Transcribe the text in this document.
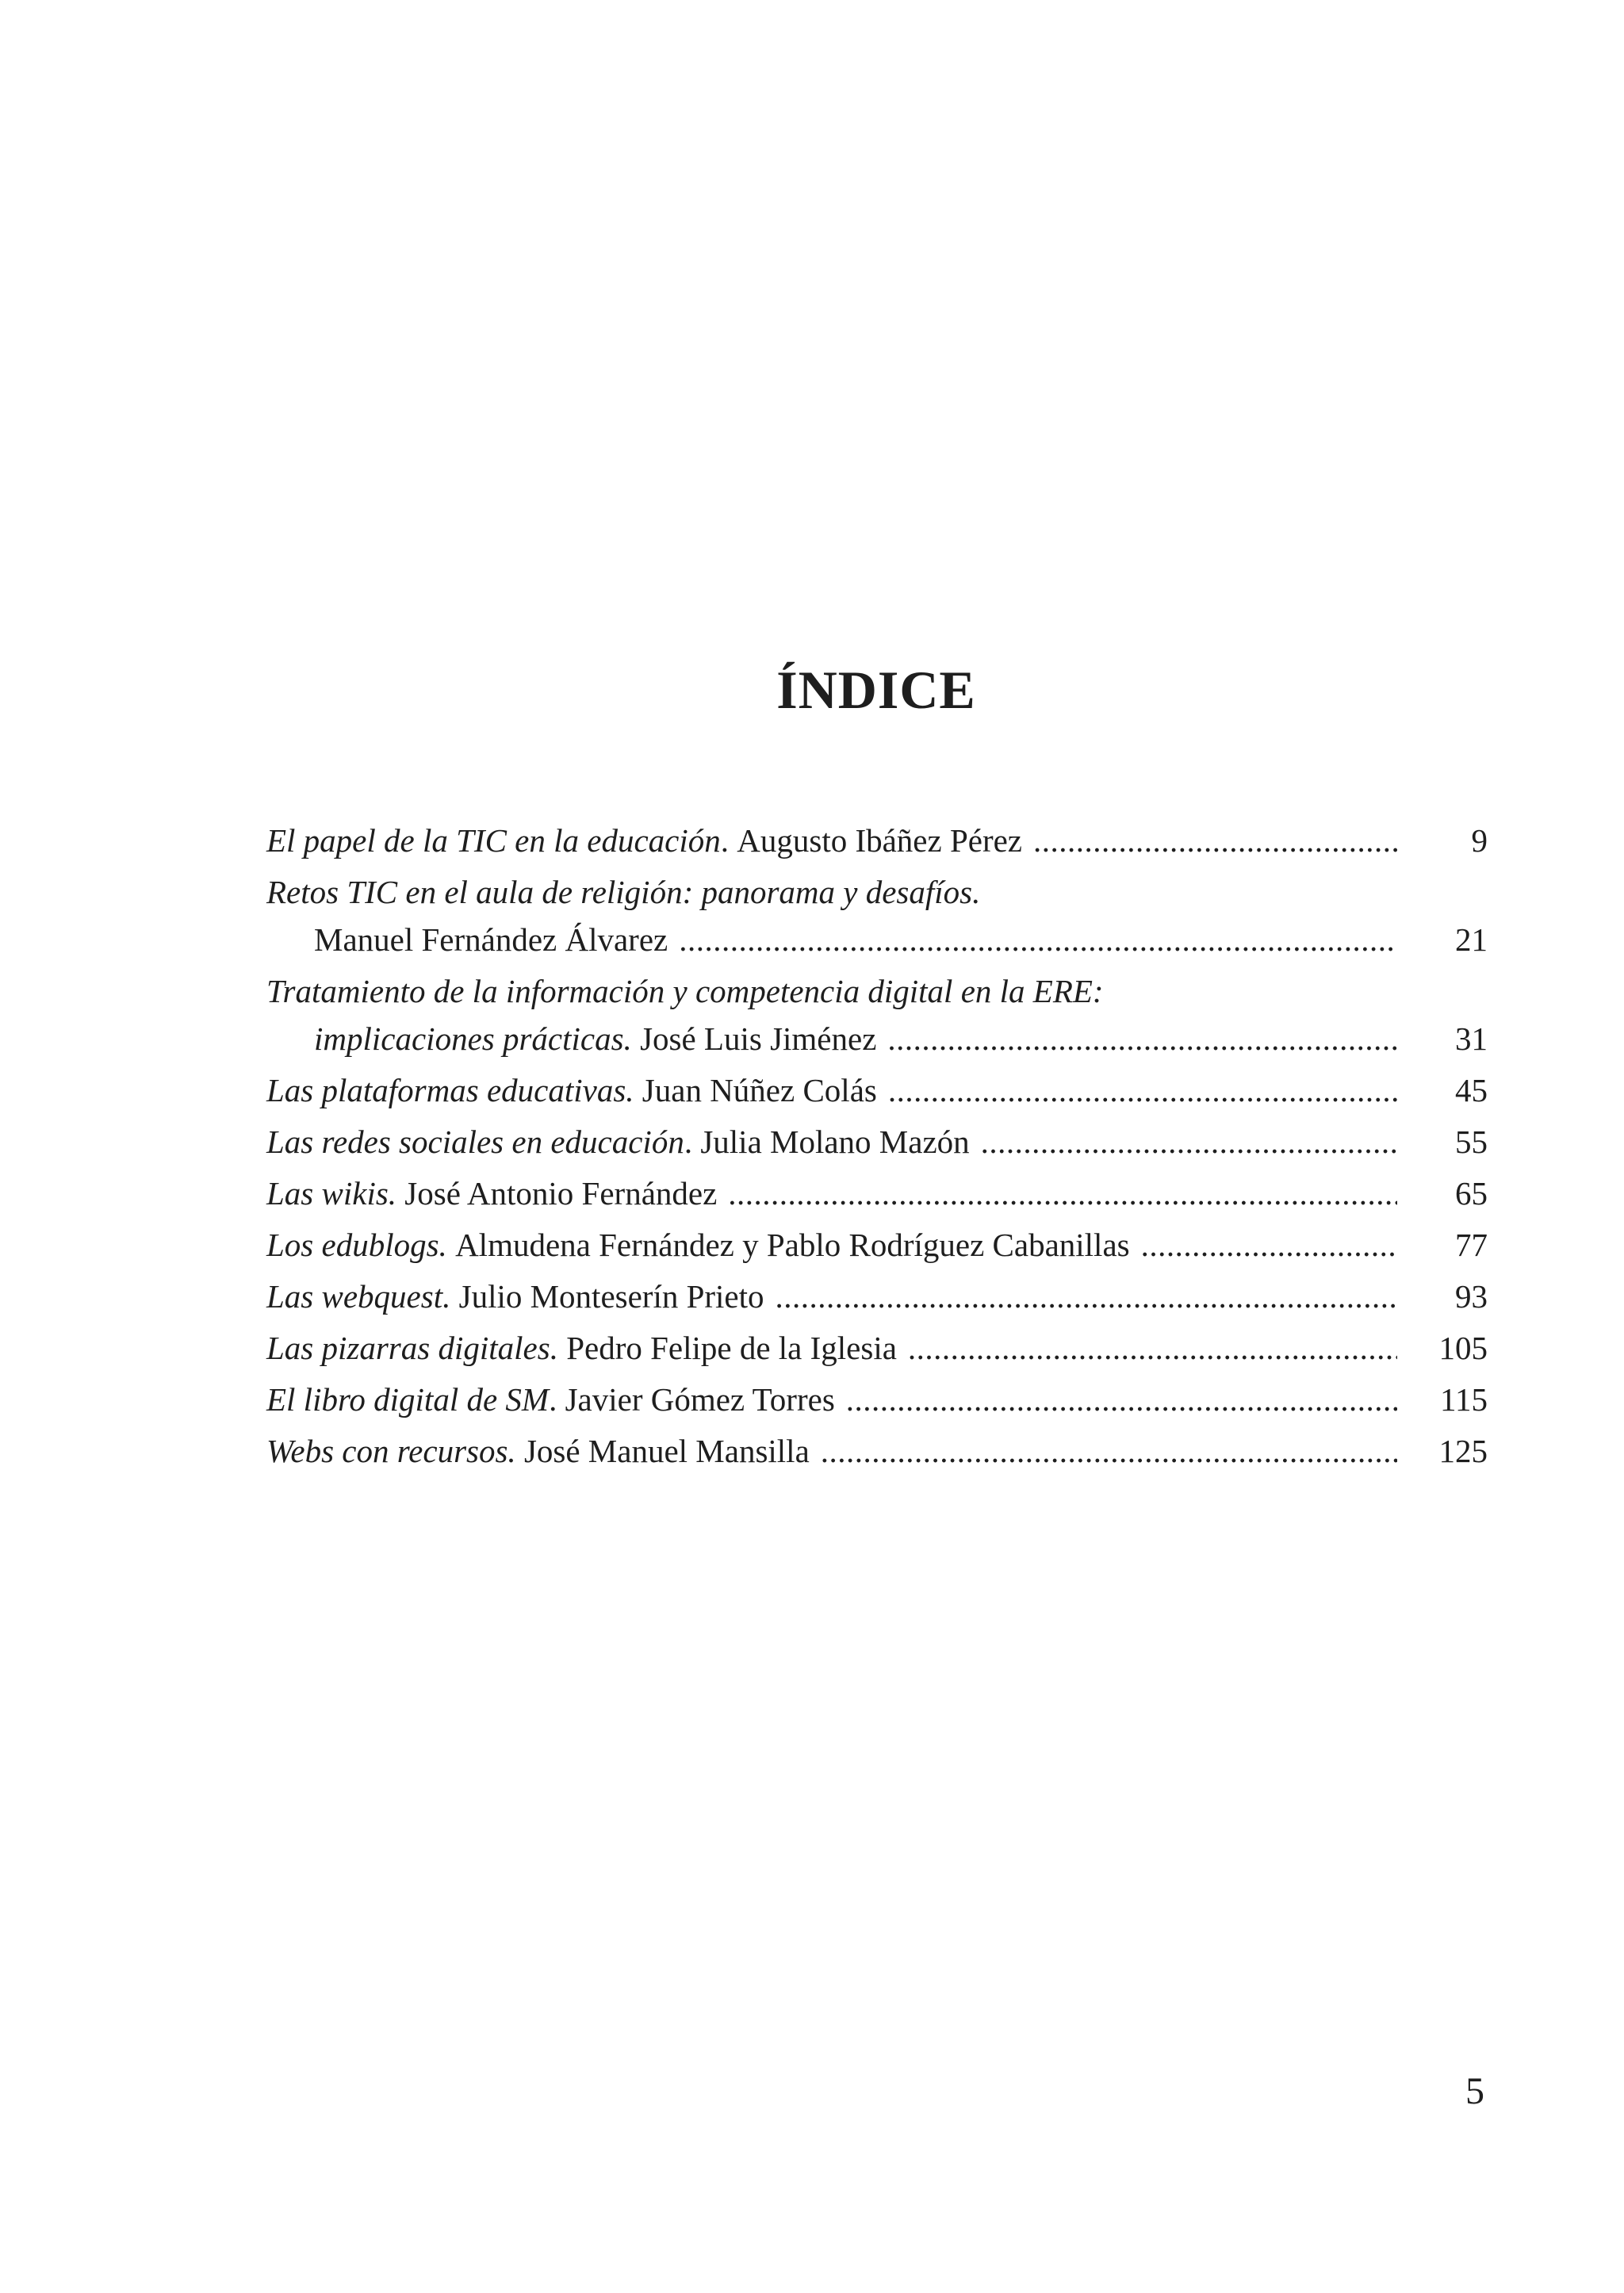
ÍNDICE
El papel de la TIC en la educación . Augusto Ibáñez Pérez .....	9
Retos TIC en el aula de religión: panorama y desafíos.
Manuel Fernández Álvarez .....	21
Tratamiento de la información y competencia digital en la ERE:
implicaciones prácticas.
José Luis Jiménez .....	31
Las plataformas educativas.
Juan Núñez Colás .....	45
Las redes sociales en educación . Julia Molano Mazón .....	55
Las wikis.
José Antonio Fernández .....	65
Los edublogs.
Almudena Fernández y Pablo Rodríguez Cabanillas .....	77
Las webquest.
Julio Monteserín Prieto .....	93
Las pizarras digitales.
Pedro Felipe de la Iglesia .....	105
El libro digital de SM . Javier Gómez Torres .....	115
Webs con recursos.
José Manuel Mansilla .....	125
5
